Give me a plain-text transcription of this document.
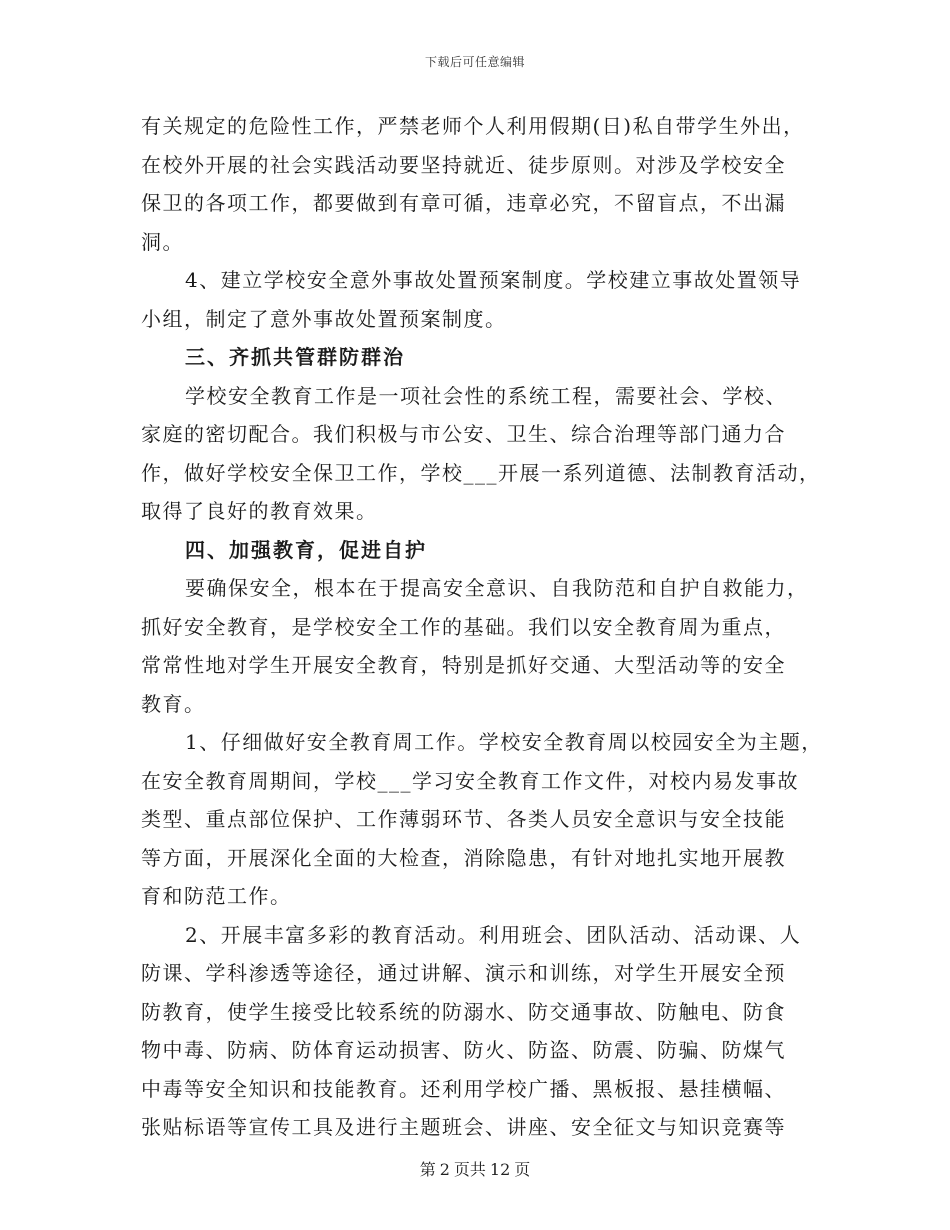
下载后可任意编辑
有关规定的危险性工作，严禁老师个人利用假期(日)私自带学生外出，
在校外开展的社会实践活动要坚持就近、徒步原则。对涉及学校安全
保卫的各项工作，都要做到有章可循，违章必究，不留盲点，不出漏
洞。
4、建立学校安全意外事故处置预案制度。学校建立事故处置领导
小组，制定了意外事故处置预案制度。
三、齐抓共管群防群治
学校安全教育工作是一项社会性的系统工程，需要社会、学校、
家庭的密切配合。我们积极与市公安、卫生、综合治理等部门通力合
作，做好学校安全保卫工作，学校___开展一系列道德、法制教育活动，
取得了良好的教育效果。
四、加强教育，促进自护
要确保安全，根本在于提高安全意识、自我防范和自护自救能力，
抓好安全教育，是学校安全工作的基础。我们以安全教育周为重点，
常常性地对学生开展安全教育，特别是抓好交通、大型活动等的安全
教育。
1、仔细做好安全教育周工作。学校安全教育周以校园安全为主题，
在安全教育周期间，学校___学习安全教育工作文件，对校内易发事故
类型、重点部位保护、工作薄弱环节、各类人员安全意识与安全技能
等方面，开展深化全面的大检查，消除隐患，有针对地扎实地开展教
育和防范工作。
2、开展丰富多彩的教育活动。利用班会、团队活动、活动课、人
防课、学科渗透等途径，通过讲解、演示和训练，对学生开展安全预
防教育，使学生接受比较系统的防溺水、防交通事故、防触电、防食
物中毒、防病、防体育运动损害、防火、防盗、防震、防骗、防煤气
中毒等安全知识和技能教育。还利用学校广播、黑板报、悬挂横幅、
张贴标语等宣传工具及进行主题班会、讲座、安全征文与知识竞赛等
第 2 页共 12 页
